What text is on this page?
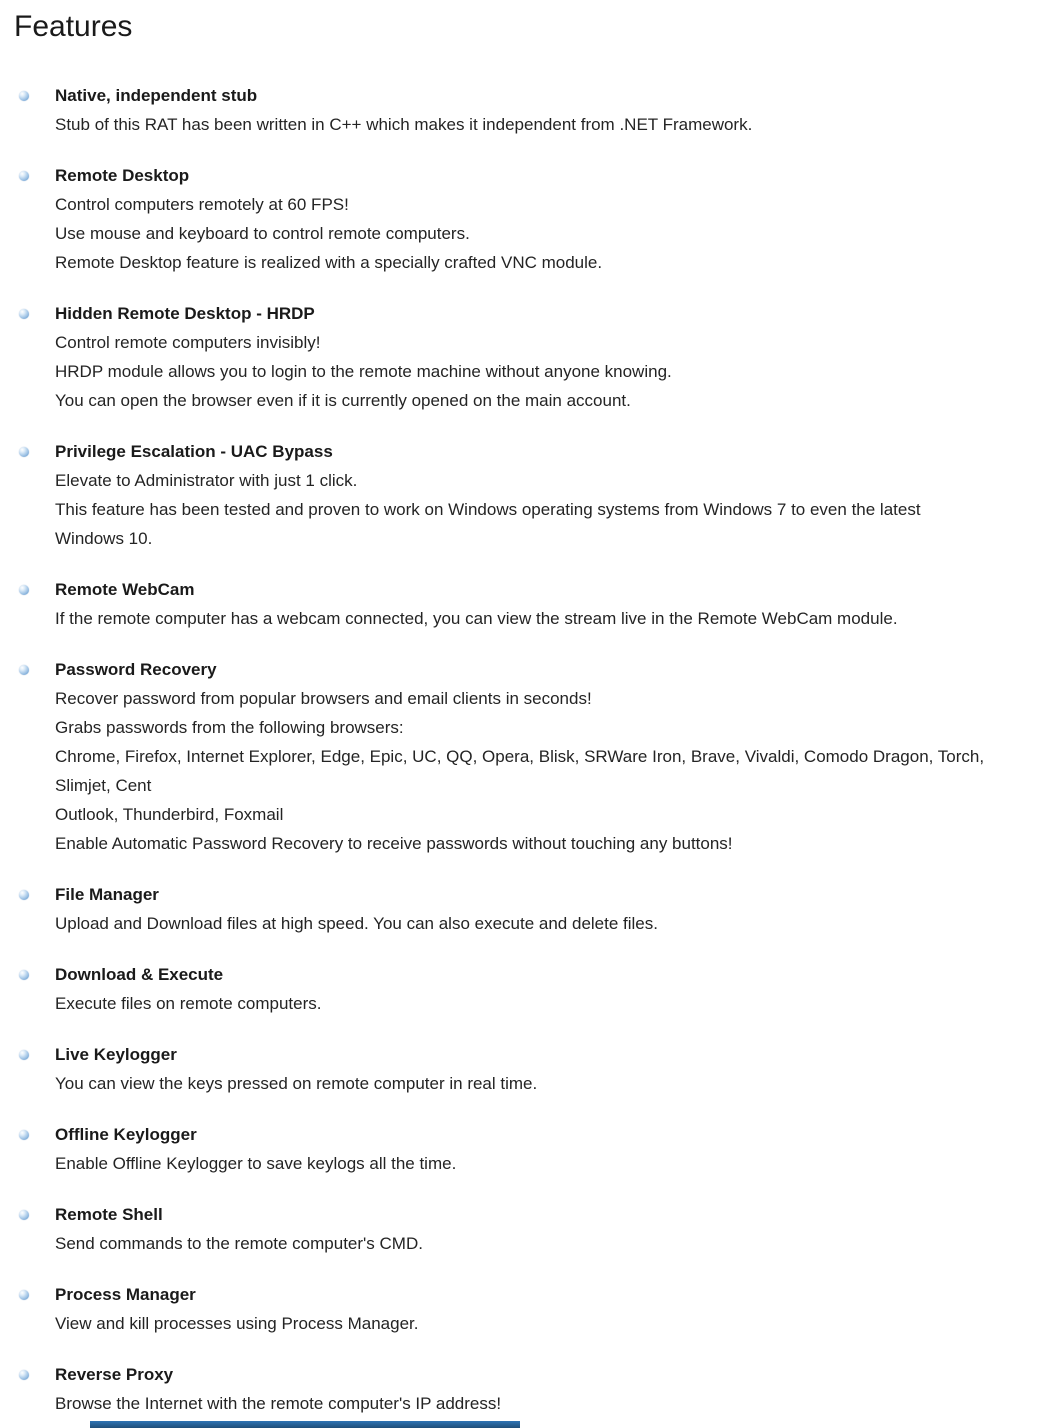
Features
Native, independent stub
Stub of this RAT has been written in C++ which makes it independent from .NET Framework.
Remote Desktop
Control computers remotely at 60 FPS!
Use mouse and keyboard to control remote computers.
Remote Desktop feature is realized with a specially crafted VNC module.
Hidden Remote Desktop - HRDP
Control remote computers invisibly!
HRDP module allows you to login to the remote machine without anyone knowing.
You can open the browser even if it is currently opened on the main account.
Privilege Escalation - UAC Bypass
Elevate to Administrator with just 1 click.
This feature has been tested and proven to work on Windows operating systems from Windows 7 to even the latest Windows 10.
Remote WebCam
If the remote computer has a webcam connected, you can view the stream live in the Remote WebCam module.
Password Recovery
Recover password from popular browsers and email clients in seconds!
Grabs passwords from the following browsers:
Chrome, Firefox, Internet Explorer, Edge, Epic, UC, QQ, Opera, Blisk, SRWare Iron, Brave, Vivaldi, Comodo Dragon, Torch, Slimjet, Cent
Outlook, Thunderbird, Foxmail
Enable Automatic Password Recovery to receive passwords without touching any buttons!
File Manager
Upload and Download files at high speed. You can also execute and delete files.
Download & Execute
Execute files on remote computers.
Live Keylogger
You can view the keys pressed on remote computer in real time.
Offline Keylogger
Enable Offline Keylogger to save keylogs all the time.
Remote Shell
Send commands to the remote computer's CMD.
Process Manager
View and kill processes using Process Manager.
Reverse Proxy
Browse the Internet with the remote computer's IP address!
